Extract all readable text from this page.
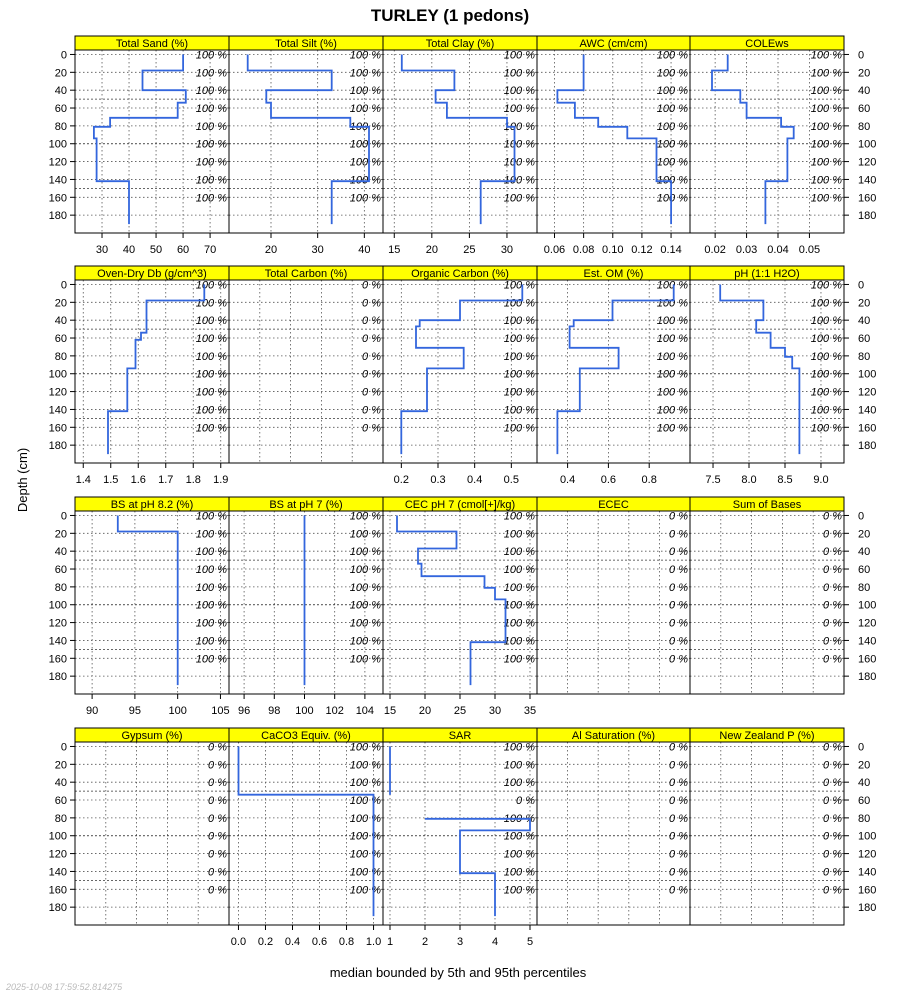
TURLEY (1 pedons)
Depth (cm)
median bounded by 5th and 95th percentiles
2025-10-08 17:59:52.814275
Total Sand (%)
100 %
100 %
100 %
100 %
100 %
100 %
100 %
100 %
100 %
30 40 50 60 70
Total Silt (%)
100 %
100 %
100 %
100 %
100 %
100 %
100 %
100 %
100 %
20	30	40
Total Clay (%)
100 %
100 %
100 %
100 %
100 %
100 %
100 %
100 %
100 %
15 20 25 30
AWC (cm/cm)
100 %
100 %
100 %
100 %
100 %
100 %
100 %
100 %
100 %
0.06 0.08 0.10 0.12 0.14
COLEws
100 %
100 %
100 %
100 %
100 %
100 %
100 %
100 %
100 %
0.02 0.03 0.04 0.05
Oven-Dry Db (g/cm^3)
100 %
100 %
100 %
100 %
100 %
100 %
100 %
100 %
100 %
1.4 1.5 1.6 1.7 1.8 1.9
Total Carbon (%)
0 %
0 %
0 %
0 %
0 %
0 %
0 %
0 %
0 %
Organic Carbon (%)
100 %
100 %
100 %
100 %
100 %
100 %
100 %
100 %
100 %
0.2 0.3 0.4 0.5
Est. OM (%)
100 %
100 %
100 %
100 %
100 %
100 %
100 %
100 %
100 %
0.4 0.6 0.8
pH (1:1 H2O)
100 %
100 %
100 %
100 %
100 %
100 %
100 %
100 %
100 %
7.5 8.0 8.5 9.0
BS at pH 8.2 (%)
100 %
100 %
100 %
100 %
100 %
100 %
100 %
100 %
100 %
90	95 100 105
BS at pH 7 (%)
100 %
100 %
100 %
100 %
100 %
100 %
100 %
100 %
100 %
96 98 100 102 104
CEC pH 7 (cmol[+]/kg)
100 %
100 %
100 %
100 %
100 %
100 %
100 %
100 %
100 %
15 20 25 30 35
ECEC
0 %
0 %
0 %
0 %
0 %
0 %
0 %
0 %
0 %
Sum of Bases
0 %
0 %
0 %
0 %
0 %
0 %
0 %
0 %
0 %
Gypsum (%)
0 %
0 %
0 %
0 %
0 %
0 %
0 %
0 %
0 %
CaCO3 Equiv. (%)
100 %
100 %
100 %
100 %
100 %
100 %
100 %
100 %
100 %
0.0 0.2 0.4 0.6 0.8 1.0
SAR
100 %
100 %
100 %
0 %
100 %
100 %
100 %
100 %
100 %
1	2	3	4	5
Al Saturation (%)
0 %
0 %
0 %
0 %
0 %
0 %
0 %
0 %
0 %
New Zealand P (%)
0 %
0 %
0 %
0 %
0 %
0 %
0 %
0 %
0 %
0	0
20	20
40	40
60	60
80	80
100	100
120	120
140	140
160	160
180	180
0	0
20	20
40	40
60	60
80	80
100	100
120	120
140	140
160	160
180	180
0	0
20	20
40	40
60	60
80	80
100	100
120	120
140	140
160	160
180	180
0	0
20	20
40	40
60	60
80	80
100	100
120	120
140	140
160	160
180	180
